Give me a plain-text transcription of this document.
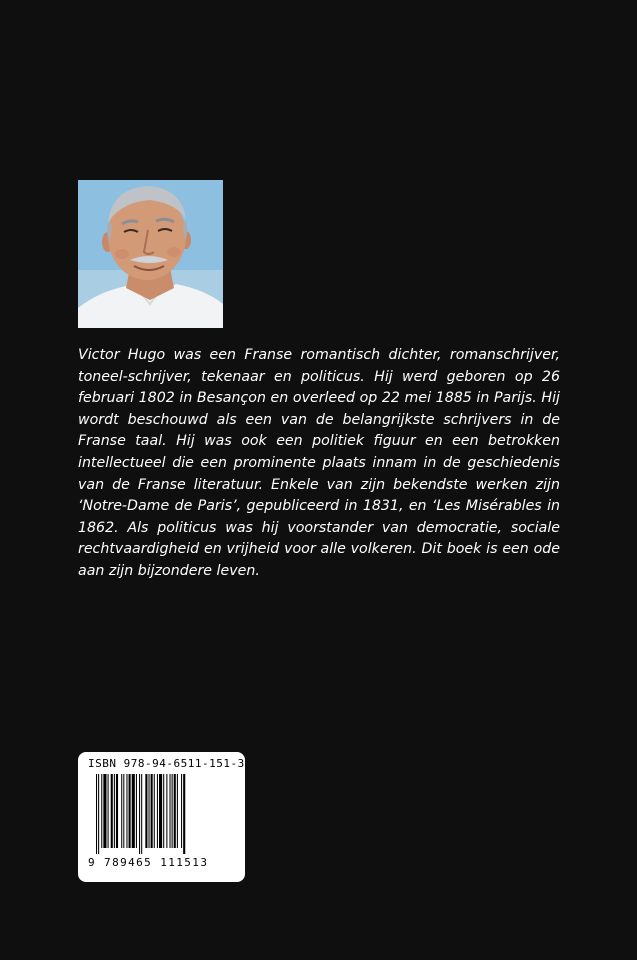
Victor Hugo was een Franse romantisch dichter, romanschrijver, toneel-schrijver, tekenaar en politicus. Hij werd geboren op 26 februari 1802 in Besançon en overleed op 22 mei 1885 in Parijs. Hij wordt beschouwd als een van de belangrijkste schrijvers in de Franse taal. Hij was ook een politiek figuur en een betrokken intellectueel die een prominente plaats innam in de geschiedenis van de Franse literatuur. Enkele van zijn bekendste werken zijn ‘Notre-Dame de Paris’, gepubliceerd in 1831, en ‘Les Misérables in 1862. Als politicus was hij voorstander van democratie, sociale rechtvaardigheid en vrijheid voor alle volkeren. Dit boek is een ode aan zijn bijzondere leven.

ISBN 978-94-6511-151-3
9 789465 111513
